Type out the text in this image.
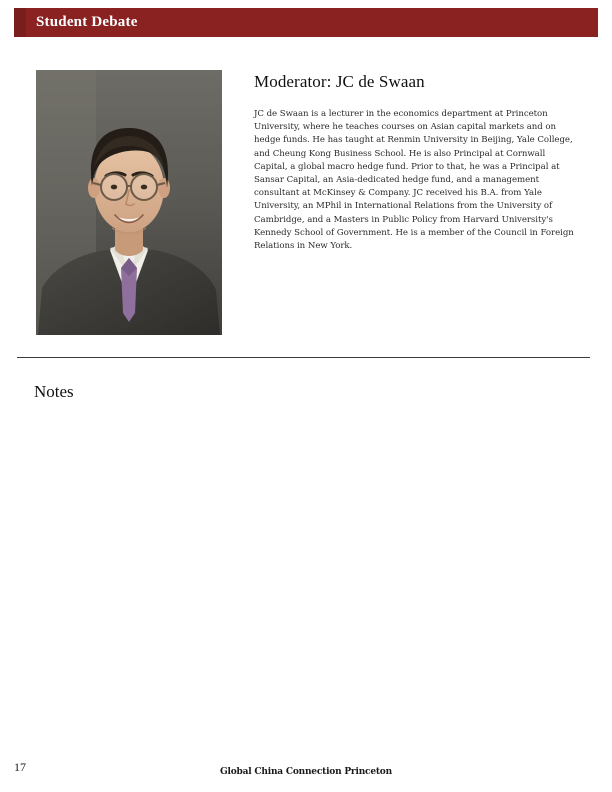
Student Debate
Moderator: JC de Swaan
JC de Swaan is a lecturer in the economics department at Princeton University, where he teaches courses on Asian capital markets and on hedge funds. He has taught at Renmin University in Beijing, Yale College, and Cheung Kong Business School. He is also Principal at Cornwall Capital, a global macro hedge fund. Prior to that, he was a Principal at Sansar Capital, an Asia-dedicated hedge fund, and a management consultant at McKinsey & Company. JC received his B.A. from Yale University, an MPhil in International Relations from the University of Cambridge, and a Masters in Public Policy from Harvard University's Kennedy School of Government. He is a member of the Council in Foreign Relations in New York.
Notes
17	Global China Connection Princeton
